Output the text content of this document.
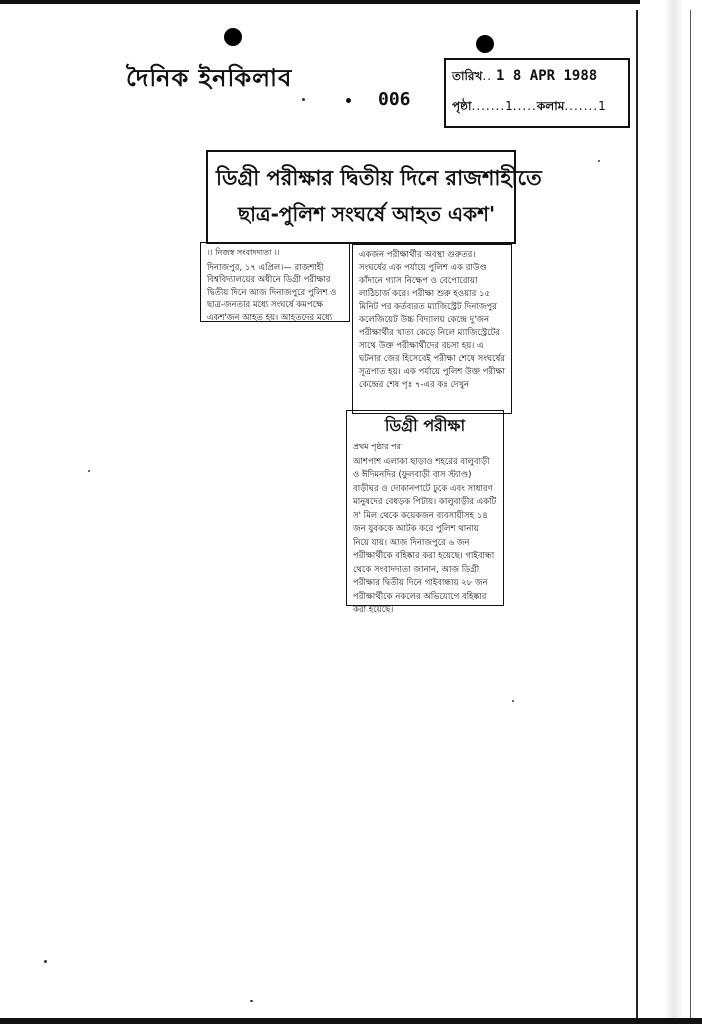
দৈনিক ইনকিলাব
006
তারিখ.. 1 8 APR 1988
পৃষ্ঠা.......1.....কলাম.......1
ডিগ্রী পরীক্ষার দ্বিতীয় দিনে রাজশাহীতে
ছাত্র-পুলিশ সংঘর্ষে আহত একশ'
।। নিজস্ব সংবাদদাতা ।।

দিনাজপুর, ১৭ এপ্রিল।— রাজশাহী বিশ্ববিদ্যালয়ের অধীনে ডিগ্রী পরীক্ষার দ্বিতীয় দিনে আজ দিনাজপুরে পুলিশ ও ছাত্র-জনতার মধ্যে সংঘর্ষে কমপক্ষে একশ'জন আহত হয়। আহতদের মধ্যে

একজন পরীক্ষার্থীর অবস্থা গুরুতর। সংঘর্ষের এক পর্যায়ে পুলিশ এক রাউণ্ড কাঁদানে গ্যাস নিক্ষেপ ও বেপোরোয়া লাঠিচার্জ করে। পরীক্ষা শুরু হওয়ার ১৫ মিনিট পর কর্তব্যরত ম্যাজিস্ট্রেট দিনাজপুর কলেজিয়েট উচ্চ বিদ্যালয় কেন্দ্রে দু'জন পরীক্ষার্থীর খাতা কেড়ে নিলে ম্যাজিস্ট্রেটের সাথে উক্ত পরীক্ষার্থীদের বচসা হয়। এ ঘটনার জের হিসেবেই পরীক্ষা শেষে সংঘর্ষের সূত্রপাত হয়। এক পর্যায়ে পুলিশ উক্ত পরীক্ষা কেন্দ্রের শেষ পৃঃ ৭-এর কঃ দেখুন

ডিগ্রী পরীক্ষা
প্রথম পৃষ্ঠার পর

আশপাশ এলাকা ছাড়াও শহরের বালুবাড়ী ও ঈদিমনদির (ফুলবাড়ী বাস স্ট্যাণ্ড) বাড়ীঘর ও দোকানপাটে ঢুকে এবং সাধারণ মানুষদের বেধড়ক পিটায়। কালুবাড়ীর একটি স' মিল থেকে কয়েকজন ব্যবসায়ীসহ ১৪ জন যুবককে আটক করে পুলিশ থানায় নিয়ে যায়। আজ দিনাজপুরে ৬ জন পরীক্ষার্থীকে বহিষ্কার করা হয়েছে। গাইবান্ধা থেকে সংবাদদাতা জানান, আজ ডিগ্রী পরীক্ষার দ্বিতীয় দিনে গাইবান্ধায় ২৮ জন পরীক্ষার্থীকে নকলের অভিযোগে বহিষ্কার করা হয়েছে।
